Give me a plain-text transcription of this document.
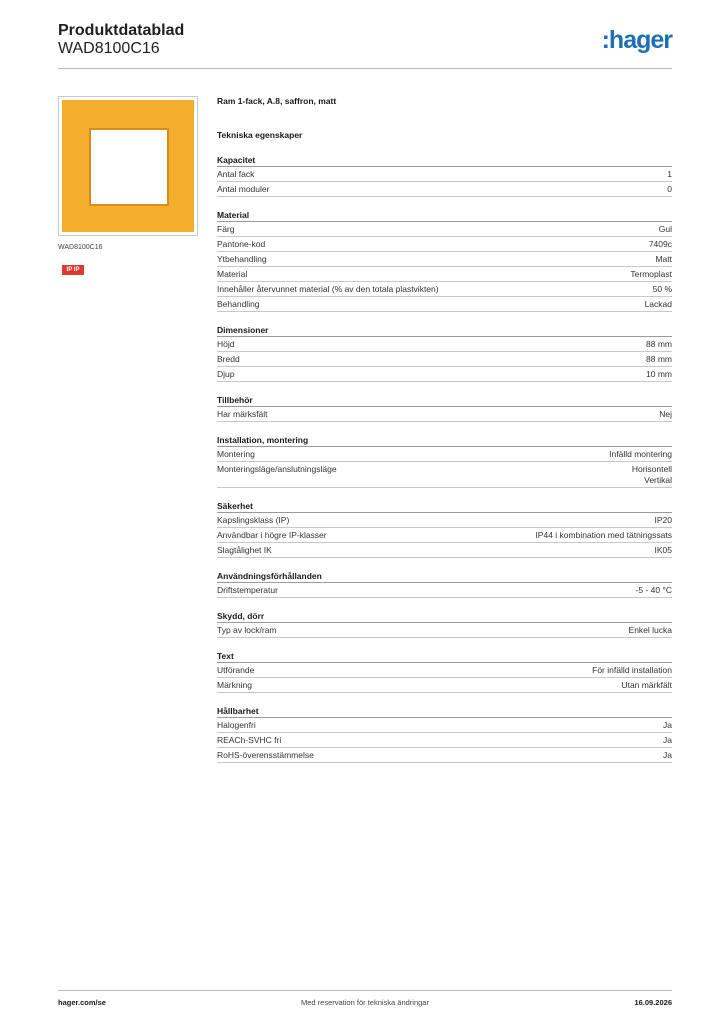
Produktdatablad
WAD8100C16	:hager
WAD8100C16
IP IP
Ram 1-fack, A.8, saffron, matt
Tekniska egenskaper
Kapacitet
Antal fack	1
Antal moduler	0
Material
Färg	Gul
Pantone-kod	7409c
Ytbehandling	Matt
Material	Termoplast
Innehåller återvunnet material (% av den totala plastvikten)	50 %
Behandling	Lackad
Dimensioner
Höjd	88 mm
Bredd	88 mm
Djup	10 mm
Tillbehör
Har märksfält	Nej
Installation, montering
Montering	Infälld montering
Monteringsläge/anslutningsläge	Horisontell
Vertikal
Säkerhet
Kapslingsklass (IP)	IP20
Användbar i högre IP-klasser	IP44 i kombination med tätningssats
Slagtålighet IK	IK05
Användningsförhållanden
Driftstemperatur	-5 - 40 °C
Skydd, dörr
Typ av lock/ram	Enkel lucka
Text
Utförande	För infälld installation
Märkning	Utan märkfält
Hållbarhet
Halogenfri	Ja
REACh-SVHC fri	Ja
RoHS-överensstämmelse	Ja
hager.com/se	Med reservation för tekniska ändringar	16.09.2026
